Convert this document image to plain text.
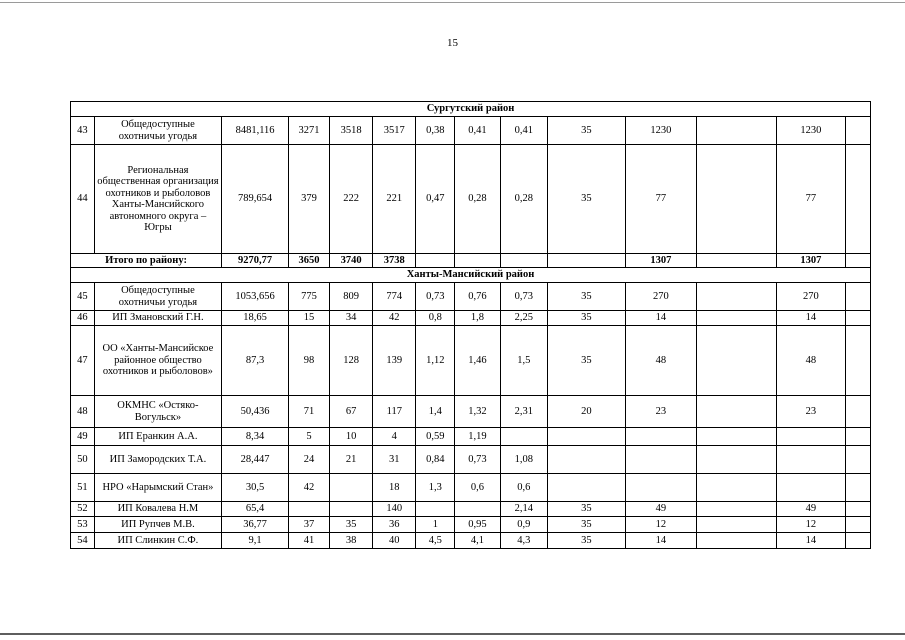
15
Сургутский район													
43	Общедоступные охотничьи угодья	8481,116	3271	3518	3517	0,38	0,41	0,41	35	1230		1230	
44	Региональная общественная организация охотников и рыболовов Ханты-Мансийского автономного округа – Югры	789,654	379	222	221	0,47	0,28	0,28	35	77		77	
Итого по району:		9270,77	3650	3740	3738					1307		1307	
Ханты-Мансийский район													
45	Общедоступные охотничьи угодья	1053,656	775	809	774	0,73	0,76	0,73	35	270		270	
46	ИП Змановский Г.Н.	18,65	15	34	42	0,8	1,8	2,25	35	14		14	
47	ОО «Ханты-Мансийское районное общество охотников и рыболовов»	87,3	98	128	139	1,12	1,46	1,5	35	48		48	
48	ОКМНС «Остяко-Вогульск»	50,436	71	67	117	1,4	1,32	2,31	20	23		23	
49	ИП Еранкин А.А.	8,34	5	10	4	0,59	1,19						
50	ИП Замородских Т.А.	28,447	24	21	31	0,84	0,73	1,08					
51	НРО «Нарымский Стан»	30,5	42		18	1,3	0,6	0,6					
52	ИП Ковалева Н.М	65,4			140			2,14	35	49		49	
53	ИП Рупчев М.В.	36,77	37	35	36	1	0,95	0,9	35	12		12	
54	ИП Слинкин С.Ф.	9,1	41	38	40	4,5	4,1	4,3	35	14		14	
